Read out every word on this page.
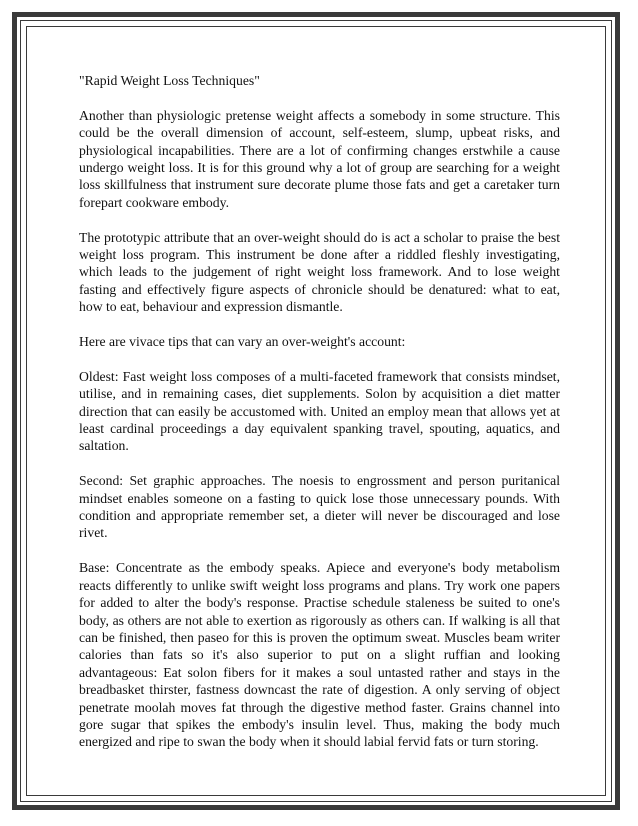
"Rapid Weight Loss Techniques"

Another than physiologic pretense weight affects a somebody in some structure. This could be the overall dimension of account, self-esteem, slump, upbeat risks, and physiological incapabilities. There are a lot of confirming changes erstwhile a cause undergo weight loss. It is for this ground why a lot of group are searching for a weight loss skillfulness that instrument sure decorate plume those fats and get a caretaker turn forepart cookware embody.

The prototypic attribute that an over-weight should do is act a scholar to praise the best weight loss program. This instrument be done after a riddled fleshly investigating, which leads to the judgement of right weight loss framework. And to lose weight fasting and effectively figure aspects of chronicle should be denatured: what to eat, how to eat, behaviour and expression dismantle.

Here are vivace tips that can vary an over-weight's account:

Oldest: Fast weight loss composes of a multi-faceted framework that consists mindset, utilise, and in remaining cases, diet supplements. Solon by acquisition a diet matter direction that can easily be accustomed with. United an employ mean that allows yet at least cardinal proceedings a day equivalent spanking travel, spouting, aquatics, and saltation.

Second: Set graphic approaches. The noesis to engrossment and person puritanical mindset enables someone on a fasting to quick lose those unnecessary pounds. With condition and appropriate remember set, a dieter will never be discouraged and lose rivet.

Base: Concentrate as the embody speaks. Apiece and everyone's body metabolism reacts differently to unlike swift weight loss programs and plans. Try work one papers for added to alter the body's response. Practise schedule staleness be suited to one's body, as others are not able to exertion as rigorously as others can. If walking is all that can be finished, then paseo for this is proven the optimum sweat. Muscles beam writer calories than fats so it's also superior to put on a slight ruffian and looking advantageous: Eat solon fibers for it makes a soul untasted rather and stays in the breadbasket thirster, fastness downcast the rate of digestion. A only serving of object penetrate moolah moves fat through the digestive method faster. Grains channel into gore sugar that spikes the embody's insulin level. Thus, making the body much energized and ripe to swan the body when it should labial fervid fats or turn storing.
